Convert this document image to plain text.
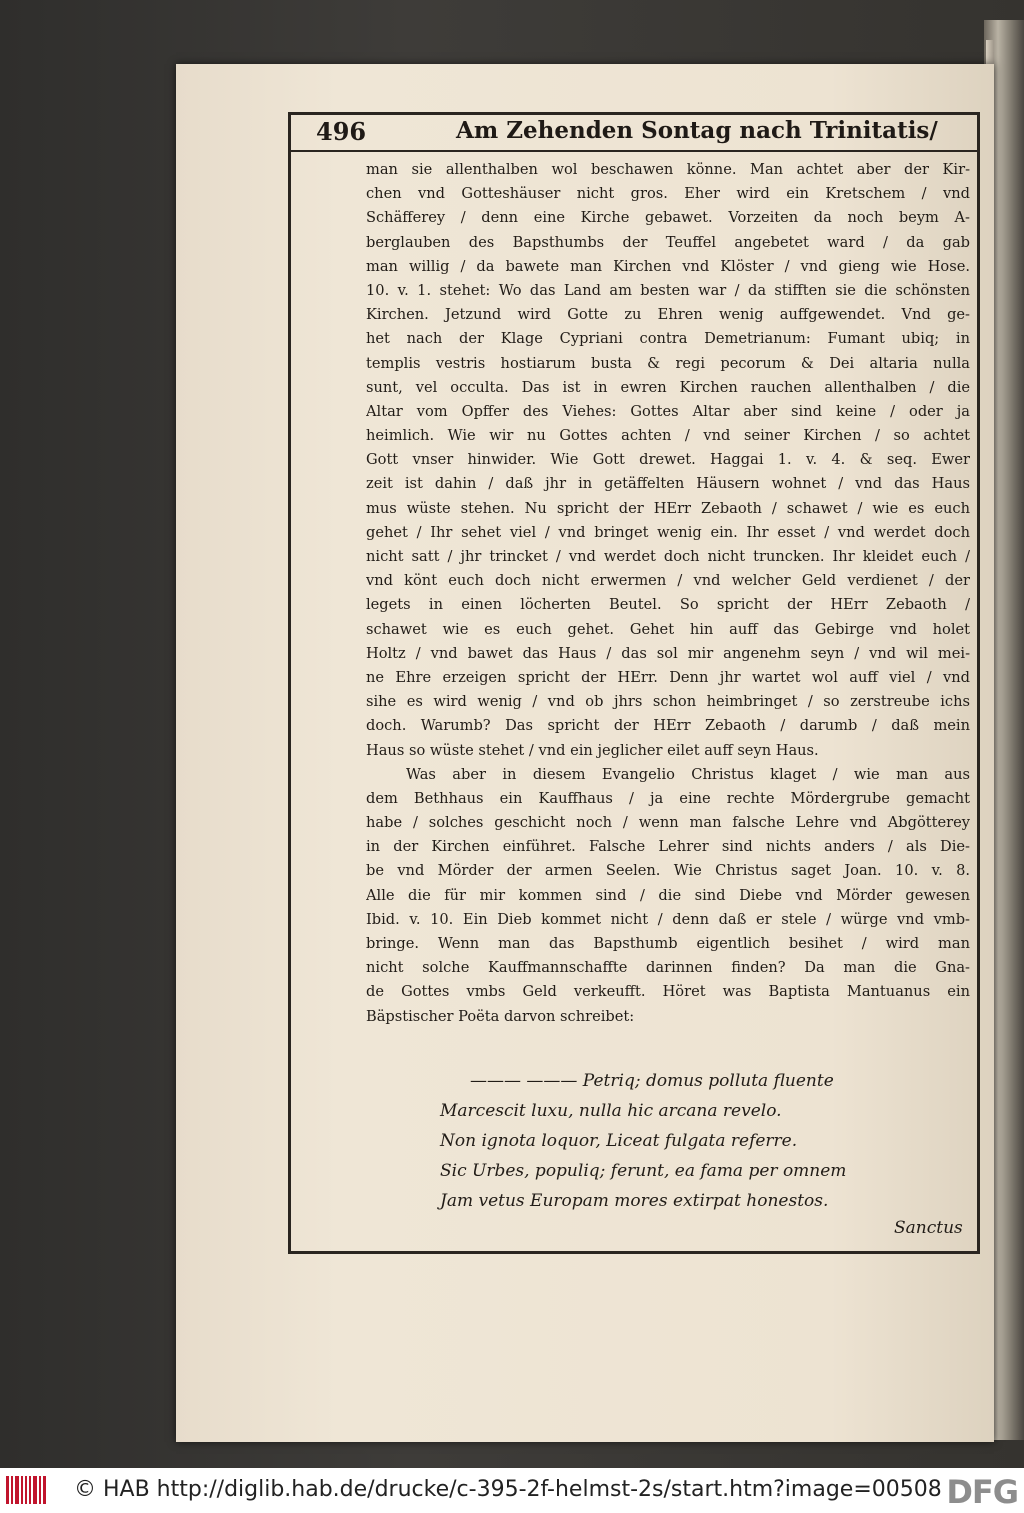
496	Am Zehenden Sontag nach Trinitatis/
man sie allenthalben wol beschawen könne. Man achtet aber der Kir-
chen vnd Gotteshäuser nicht gros. Eher wird ein Kretschem / vnd
Schäfferey / denn eine Kirche gebawet. Vorzeiten da noch beym A-
berglauben des Bapsthumbs der Teuffel angebetet ward / da gab
man willig / da bawete man Kirchen vnd Klöster / vnd gieng wie Hose.
10. v. 1. stehet: Wo das Land am besten war / da stifften sie die schönsten
Kirchen. Jetzund wird Gotte zu Ehren wenig auffgewendet. Vnd ge-
het nach der Klage Cypriani contra Demetrianum: Fumant ubiq; in
templis vestris hostiarum busta & regi pecorum & Dei altaria nulla
sunt, vel occulta. Das ist in ewren Kirchen rauchen allenthalben / die
Altar vom Opffer des Viehes: Gottes Altar aber sind keine / oder ja
heimlich. Wie wir nu Gottes achten / vnd seiner Kirchen / so achtet
Gott vnser hinwider. Wie Gott drewet. Haggai 1. v. 4. & seq. Ewer
zeit ist dahin / daß jhr in getäffelten Häusern wohnet / vnd das Haus
mus wüste stehen. Nu spricht der HErr Zebaoth / schawet / wie es euch
gehet / Ihr sehet viel / vnd bringet wenig ein. Ihr esset / vnd werdet doch
nicht satt / jhr trincket / vnd werdet doch nicht truncken. Ihr kleidet euch /
vnd könt euch doch nicht erwermen / vnd welcher Geld verdienet / der
legets in einen löcherten Beutel. So spricht der HErr Zebaoth /
schawet wie es euch gehet. Gehet hin auff das Gebirge vnd holet
Holtz / vnd bawet das Haus / das sol mir angenehm seyn / vnd wil mei-
ne Ehre erzeigen spricht der HErr. Denn jhr wartet wol auff viel / vnd
sihe es wird wenig / vnd ob jhrs schon heimbringet / so zerstreube ichs
doch. Warumb? Das spricht der HErr Zebaoth / darumb / daß mein
Haus so wüste stehet / vnd ein jeglicher eilet auff seyn Haus.
Was aber in diesem Evangelio Christus klaget / wie man aus
dem Bethhaus ein Kauffhaus / ja eine rechte Mördergrube gemacht
habe / solches geschicht noch / wenn man falsche Lehre vnd Abgötterey
in der Kirchen einführet. Falsche Lehrer sind nichts anders / als Die-
be vnd Mörder der armen Seelen. Wie Christus saget Joan. 10. v. 8.
Alle die für mir kommen sind / die sind Diebe vnd Mörder gewesen
Ibid. v. 10. Ein Dieb kommet nicht / denn daß er stele / würge vnd vmb-
bringe. Wenn man das Bapsthumb eigentlich besihet / wird man
nicht solche Kauffmannschaffte darinnen finden? Da man die Gna-
de Gottes vmbs Geld verkeufft. Höret was Baptista Mantuanus ein
Bäpstischer Poëta darvon schreibet:
——— ——— Petriq; domus polluta fluente
Marcescit luxu, nulla hic arcana revelo.
Non ignota loquor, Liceat fulgata referre.
Sic Urbes, populiq; ferunt, ea fama per omnem
Jam vetus Europam mores extirpat honestos.
Sanctus
© HAB http://diglib.hab.de/drucke/c-395-2f-helmst-2s/start.htm?image=00508 DFG
